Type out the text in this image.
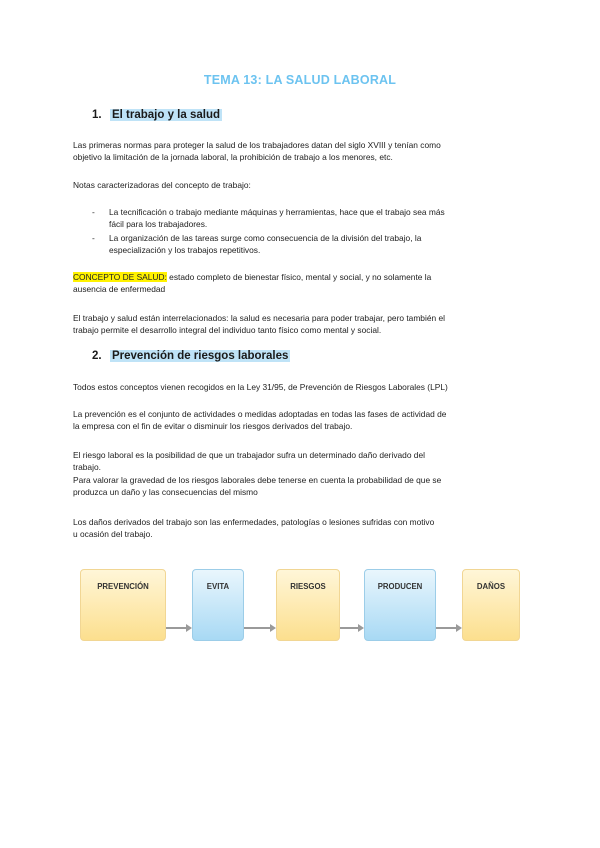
TEMA 13: LA SALUD LABORAL
1. El trabajo y la salud
Las primeras normas para proteger la salud de los trabajadores datan del siglo XVIII y tenían como
objetivo la limitación de la jornada laboral, la prohibición de trabajo a los menores, etc.
Notas caracterizadoras del concepto de trabajo:
- La tecnificación o trabajo mediante máquinas y herramientas, hace que el trabajo sea más
fácil para los trabajadores.
- La organización de las tareas surge como consecuencia de la división del trabajo, la
especialización y los trabajos repetitivos.
CONCEPTO DE SALUD: estado completo de bienestar físico, mental y social, y no solamente la
ausencia de enfermedad
El trabajo y salud están interrelacionados: la salud es necesaria para poder trabajar, pero también el
trabajo permite el desarrollo integral del individuo tanto físico como mental y social.
2. Prevención de riesgos laborales
Todos estos conceptos vienen recogidos en la Ley 31/95, de Prevención de Riesgos Laborales (LPL)
La prevención es el conjunto de actividades o medidas adoptadas en todas las fases de actividad de
la empresa con el fin de evitar o disminuir los riesgos derivados del trabajo.
El riesgo laboral es la posibilidad de que un trabajador sufra un determinado daño derivado del
trabajo.
Para valorar la gravedad de los riesgos laborales debe tenerse en cuenta la probabilidad de que se
produzca un daño y las consecuencias del mismo
Los daños derivados del trabajo son las enfermedades, patologías o lesiones sufridas con motivo
u ocasión del trabajo.
PREVENCIÓN	EVITA	RIESGOS	PRODUCEN	DAÑOS
